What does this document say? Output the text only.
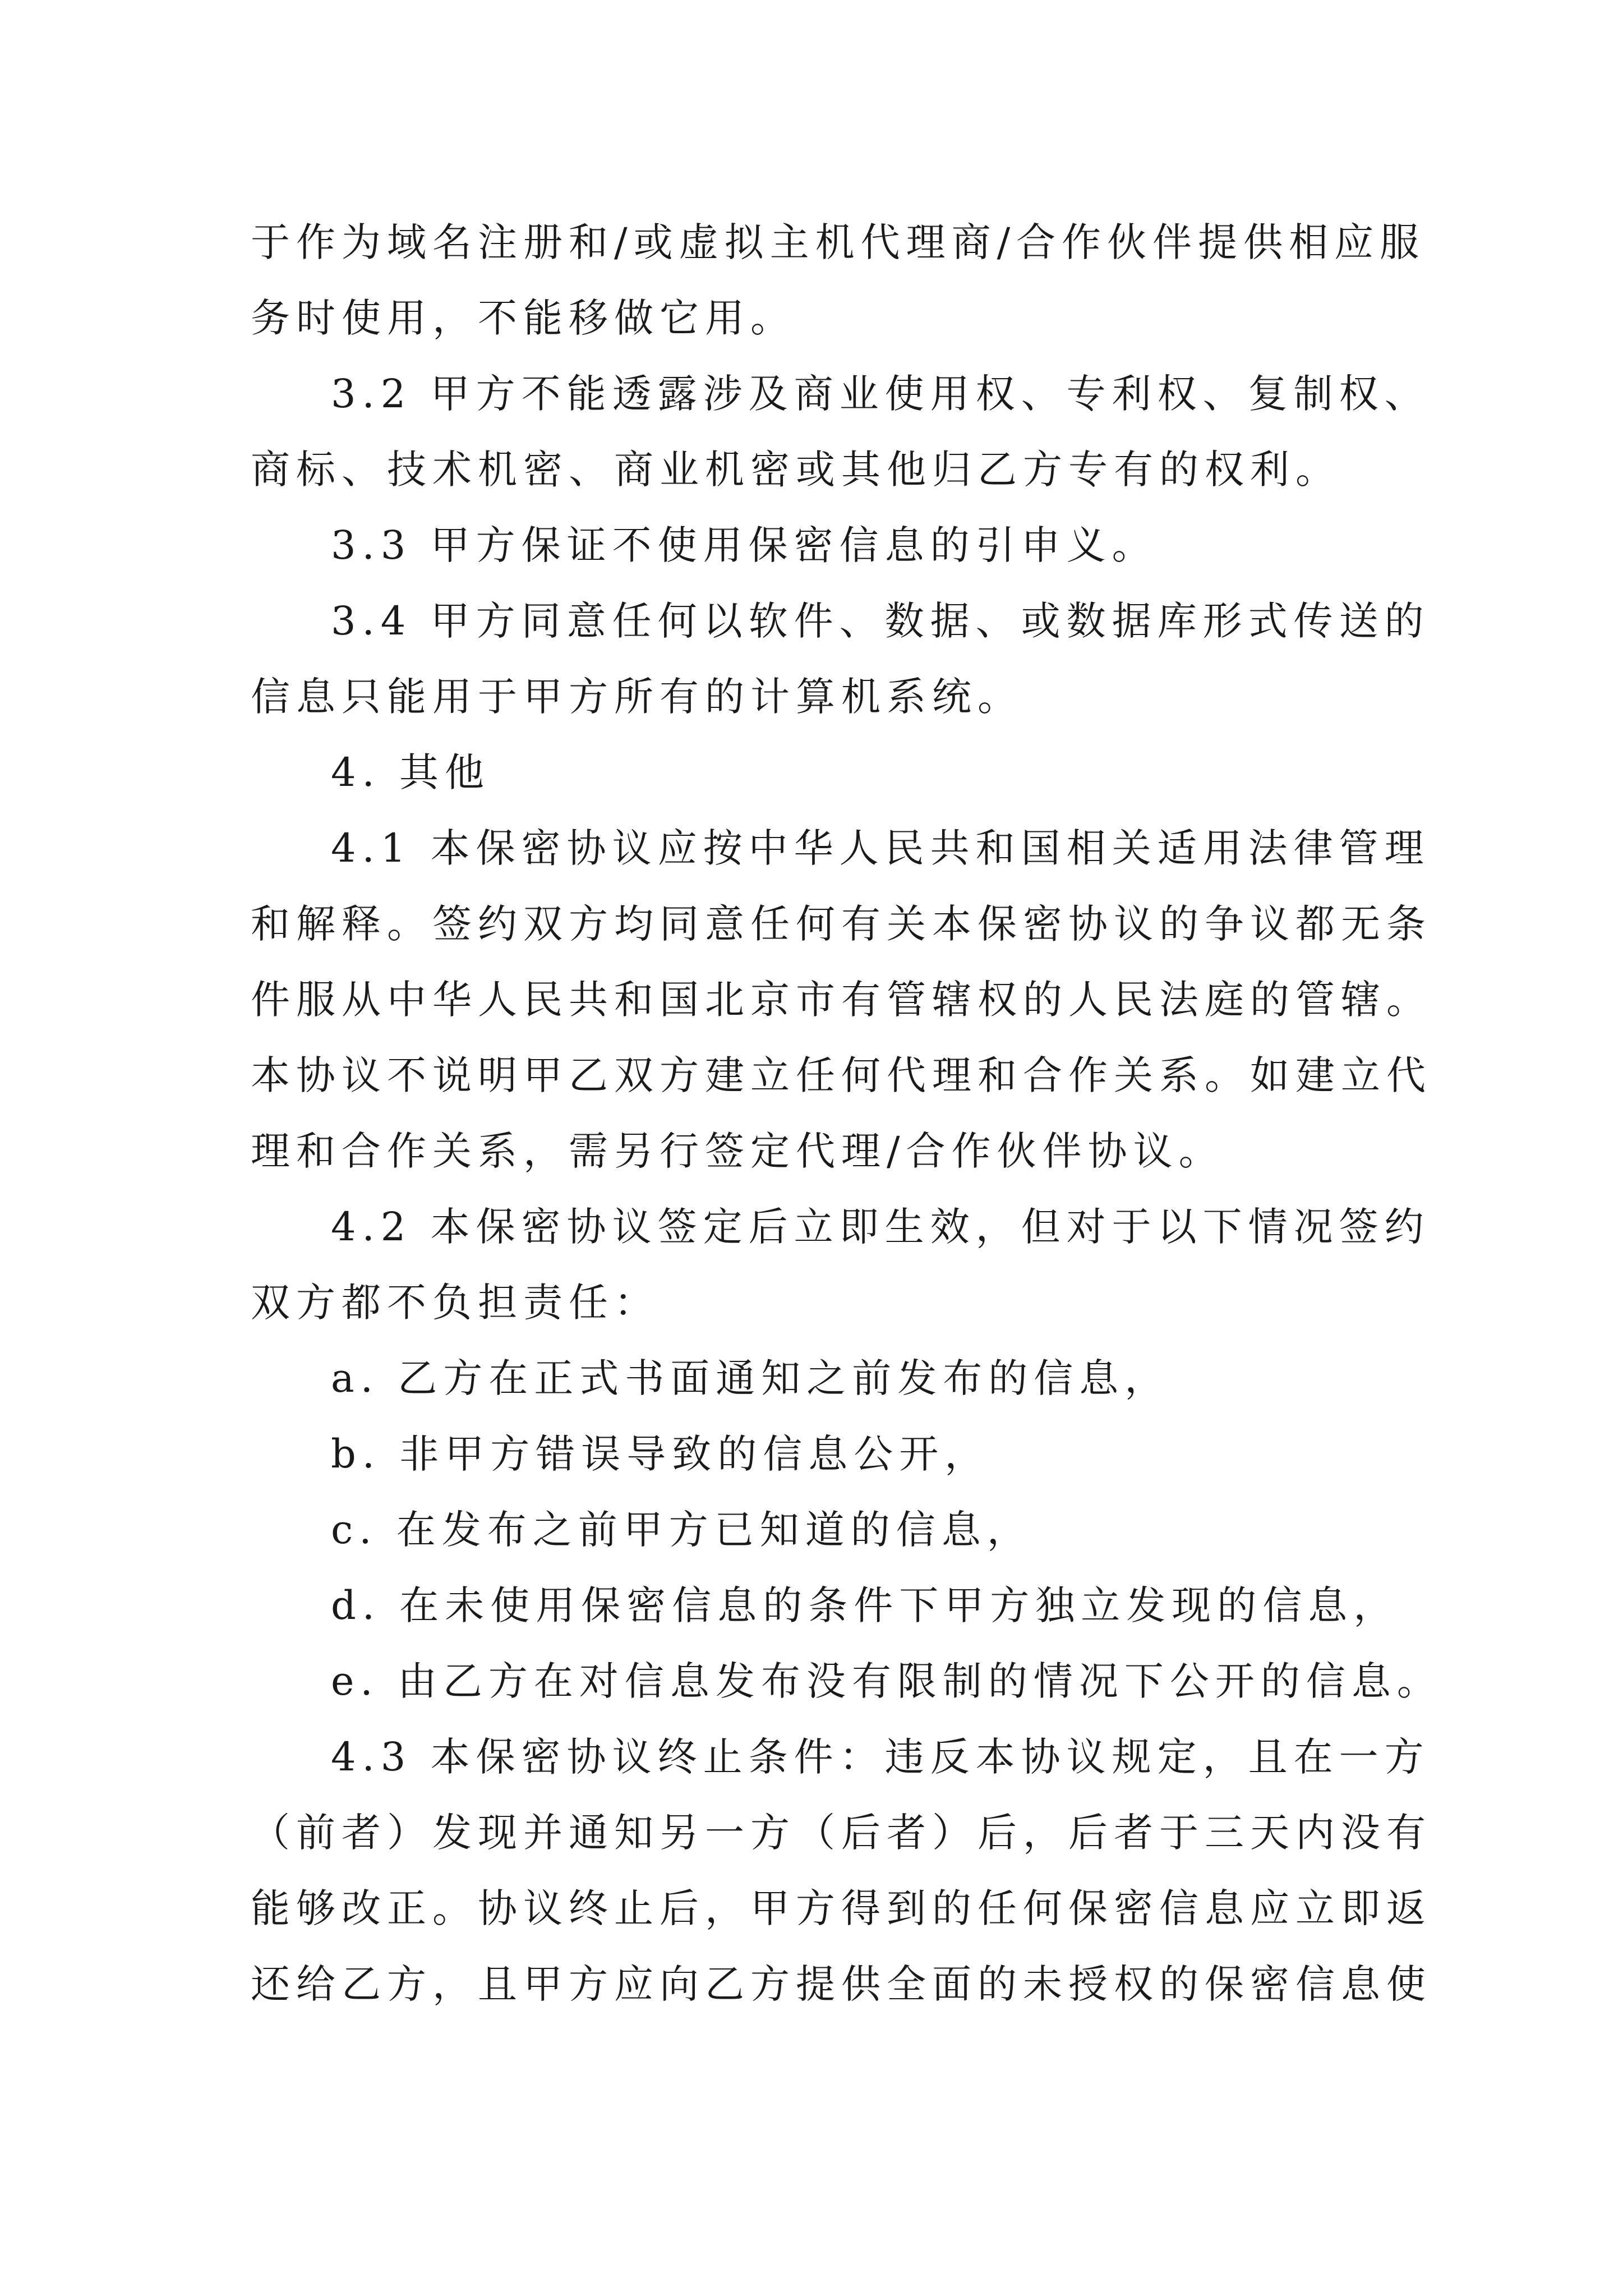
于作为域名注册和/或虚拟主机代理商/合作伙伴提供相应服
务时使用，不能移做它用。
3.2 甲方不能透露涉及商业使用权、专利权、复制权、
商标、技术机密、商业机密或其他归乙方专有的权利。
3.3 甲方保证不使用保密信息的引申义。
3.4 甲方同意任何以软件、数据、或数据库形式传送的
信息只能用于甲方所有的计算机系统。
4. 其他
4.1 本保密协议应按中华人民共和国相关适用法律管理
和解释。签约双方均同意任何有关本保密协议的争议都无条
件服从中华人民共和国北京市有管辖权的人民法庭的管辖。
本协议不说明甲乙双方建立任何代理和合作关系。如建立代
理和合作关系，需另行签定代理/合作伙伴协议。
4.2 本保密协议签定后立即生效，但对于以下情况签约
双方都不负担责任：
a. 乙方在正式书面通知之前发布的信息，
b. 非甲方错误导致的信息公开，
c. 在发布之前甲方已知道的信息，
d. 在未使用保密信息的条件下甲方独立发现的信息，
e. 由乙方在对信息发布没有限制的情况下公开的信息。
4.3 本保密协议终止条件：违反本协议规定，且在一方
（前者）发现并通知另一方（后者）后，后者于三天内没有
能够改正。协议终止后，甲方得到的任何保密信息应立即返
还给乙方，且甲方应向乙方提供全面的未授权的保密信息使
